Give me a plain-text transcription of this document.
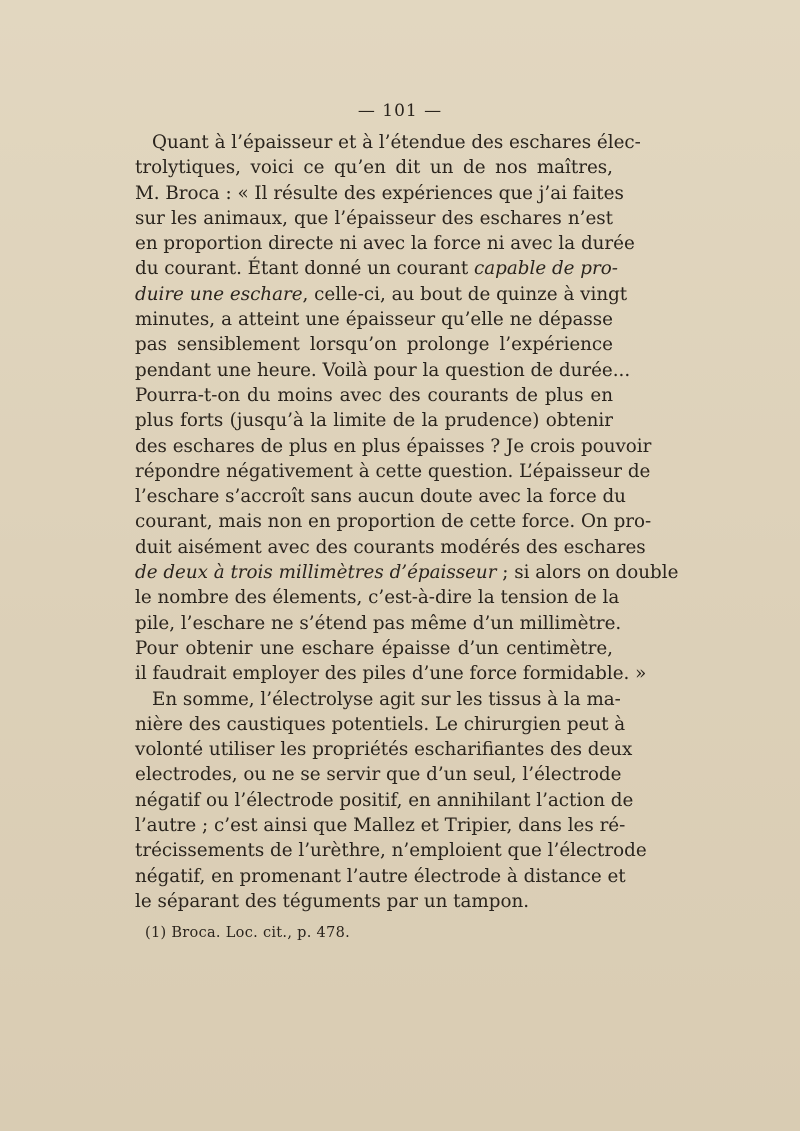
— 101 —

Quant à l’épaisseur et à l’étendue des eschares élec-

trolytiques, voici ce qu’en dit un de nos maîtres,

M. Broca : « Il résulte des expériences que j’ai faites

sur les animaux, que l’épaisseur des eschares n’est

en proportion directe ni avec la force ni avec la durée

du courant. Étant donné un courant capable de pro-

duire une eschare, celle-ci, au bout de quinze à vingt

minutes, a atteint une épaisseur qu’elle ne dépasse

pas sensiblement lorsqu’on prolonge l’expérience

pendant une heure. Voilà pour la question de durée...

Pourra-t-on du moins avec des courants de plus en

plus forts (jusqu’à la limite de la prudence) obtenir

des eschares de plus en plus épaisses ? Je crois pouvoir

répondre négativement à cette question. L’épaisseur de

l’eschare s’accroît sans aucun doute avec la force du

courant, mais non en proportion de cette force. On pro-

duit aisément avec des courants modérés des eschares

de deux à trois millimètres d’épaisseur ; si alors on double

le nombre des élements, c’est-à-dire la tension de la

pile, l’eschare ne s’étend pas même d’un millimètre.

Pour obtenir une eschare épaisse d’un centimètre,

il faudrait employer des piles d’une force formidable. »

En somme, l’électrolyse agit sur les tissus à la ma-

nière des caustiques potentiels. Le chirurgien peut à

volonté utiliser les propriétés escharifiantes des deux

electrodes, ou ne se servir que d’un seul, l’électrode

négatif ou l’électrode positif, en annihilant l’action de

l’autre ; c’est ainsi que Mallez et Tripier, dans les ré-

trécissements de l’urèthre, n’emploient que l’électrode

négatif, en promenant l’autre électrode à distance et

le séparant des téguments par un tampon.

(1) Broca. Loc. cit., p. 478.
